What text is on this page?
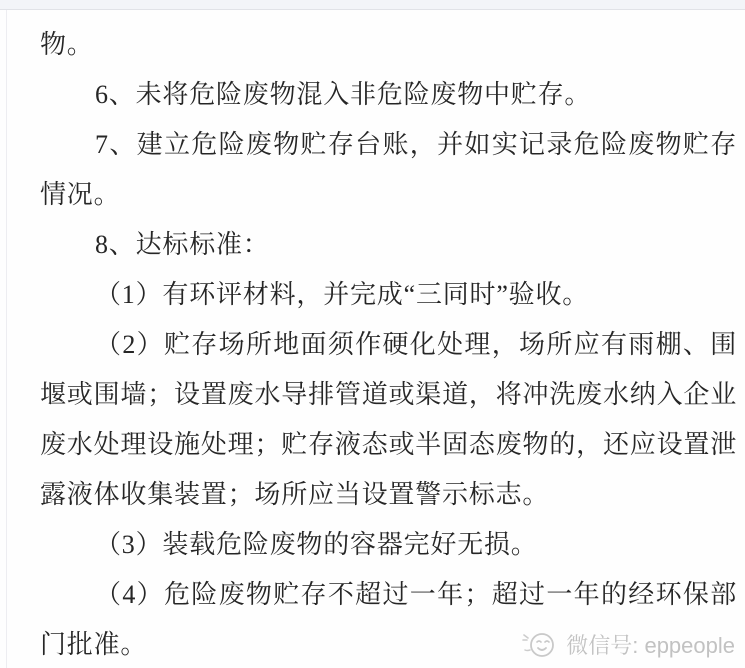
物。
6、未将危险废物混入非危险废物中贮存。
7、建立危险废物贮存台账，并如实记录危险废物贮存
情况。
8、达标标准：
（1）有环评材料，并完成“三同时”验收。
（2）贮存场所地面须作硬化处理，场所应有雨棚、围
堰或围墙；设置废水导排管道或渠道，将冲洗废水纳入企业
废水处理设施处理；贮存液态或半固态废物的，还应设置泄
露液体收集装置；场所应当设置警示标志。
（3）装载危险废物的容器完好无损。
（4）危险废物贮存不超过一年；超过一年的经环保部
门批准。	微信号: eppeople
